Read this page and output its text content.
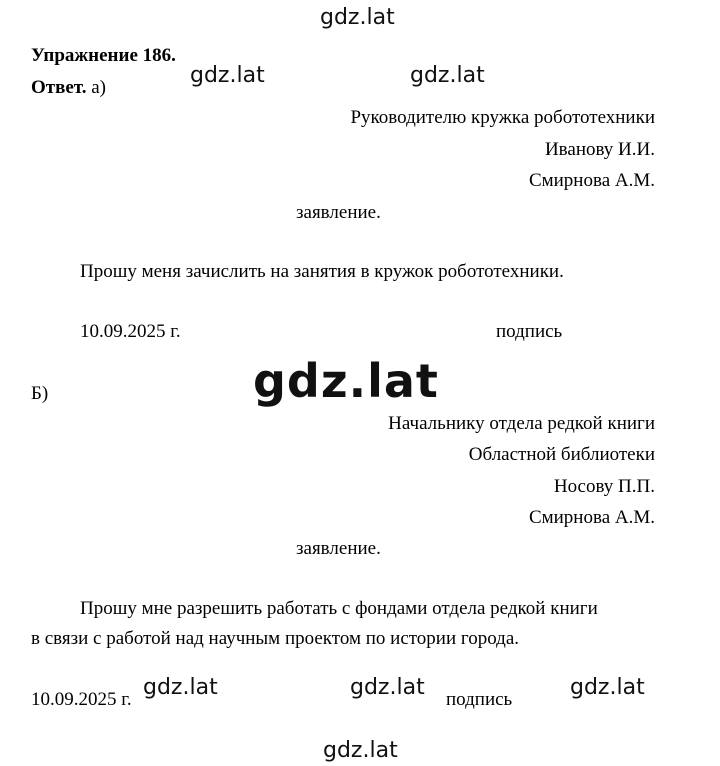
gdz.lat
gdz.lat	gdz.lat
gdz.lat
gdz.lat	gdz.lat	gdz.lat
gdz.lat
Упражнение 186.
Ответ. а)
Руководителю кружка робототехники
Иванову И.И.
Смирнова А.М.
заявление.
Прошу меня зачислить на занятия в кружок робототехники.
10.09.2025 г.	подпись
Б)
Начальнику отдела редкой книги
Областной библиотеки
Носову П.П.
Смирнова А.М.
заявление.
Прошу мне разрешить работать с фондами отдела редкой книги
в связи с работой над научным проектом по истории города.
10.09.2025 г.	подпись
